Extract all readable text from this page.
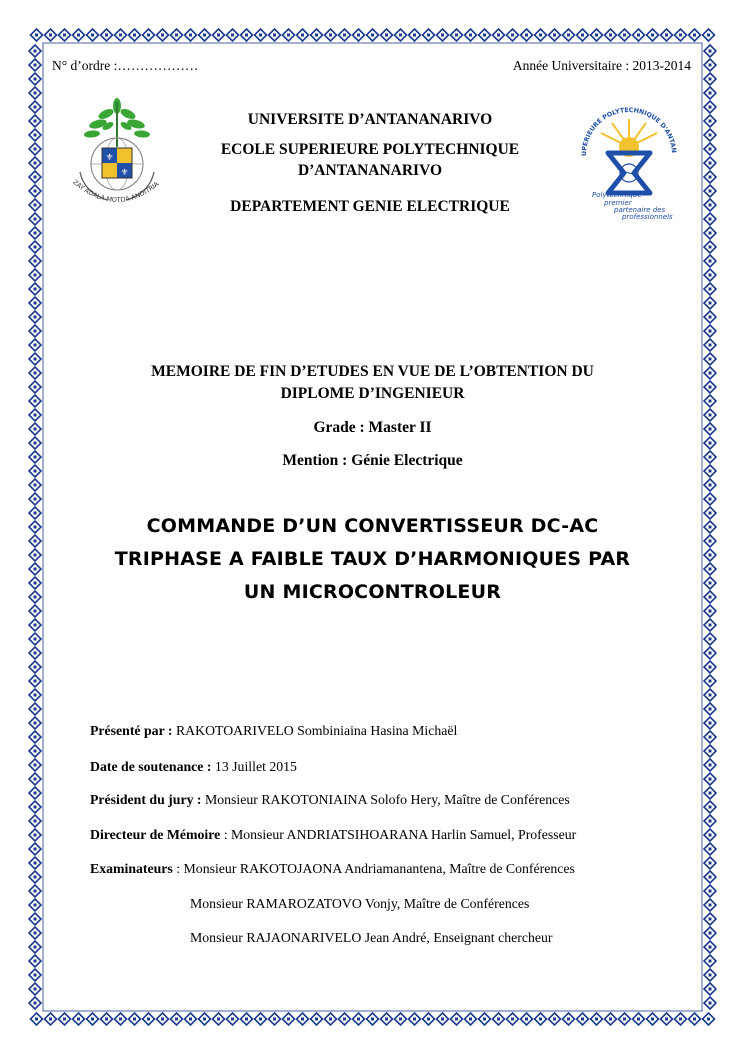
N° d’ordre :………………	Année Universitaire : 2013-2014
⚜
⚜
ZAY ADALA MOTOA ANOITRIA
UNIVERSITE D’ANTANANARIVO
ECOLE SUPERIEURE POLYTECHNIQUE
D’ANTANANARIVO
DEPARTEMENT GENIE ELECTRIQUE
UPERIEURE POLYTECHNIQUE D'ANTAN
Polytechnique
premier
partenaire des
professionnels
MEMOIRE DE FIN D’ETUDES EN VUE DE L’OBTENTION DU
DIPLOME D’INGENIEUR
Grade : Master II
Mention : Génie Electrique
COMMANDE D’UN CONVERTISSEUR DC-AC
TRIPHASE A FAIBLE TAUX D’HARMONIQUES PAR
UN MICROCONTROLEUR
Présenté par : RAKOTOARIVELO Sombiniaina Hasina Michaël
Date de soutenance : 13 Juillet 2015
Président du jury : Monsieur RAKOTONIAINA Solofo Hery, Maître de Conférences
Directeur de Mémoire : Monsieur ANDRIATSIHOARANA Harlin Samuel, Professeur
Examinateurs : Monsieur RAKOTOJAONA Andriamanantena, Maître de Conférences
Monsieur RAMAROZATOVO Vonjy, Maître de Conférences
Monsieur RAJAONARIVELO Jean André, Enseignant chercheur
